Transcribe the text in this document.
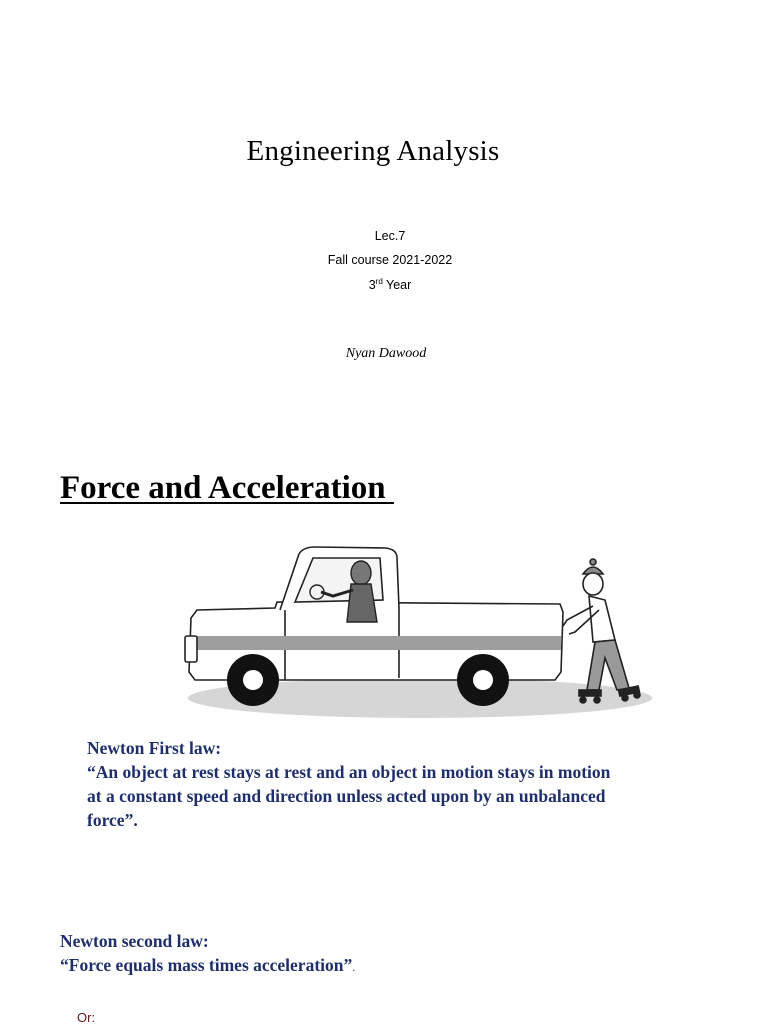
Engineering Analysis
Lec.7
Fall course 2021-2022
3rd Year
Nyan Dawood
Force and Acceleration
Newton First law:
“An object at rest stays at rest and an object in motion stays in motion
at a constant speed and direction unless acted upon by an unbalanced
force”.
Newton second law:
“Force equals mass times acceleration”.
Or:
